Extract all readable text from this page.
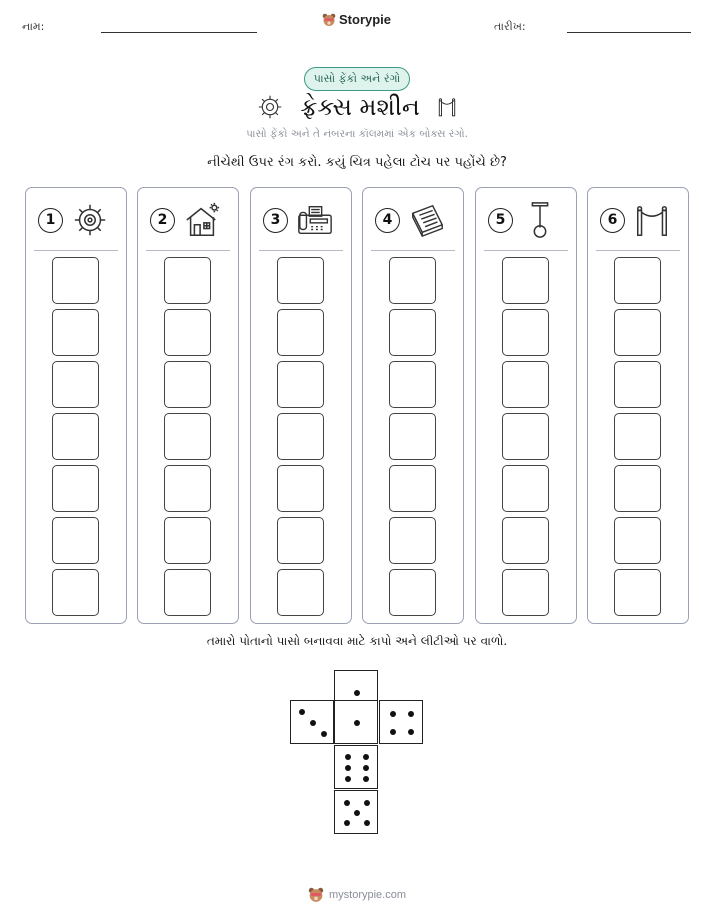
નામ:	Storypie	તારીખ:
પાસો ફેંકો અને રંગો
ફ્રેક્સ મશીન
પાસો ફેંકો અને તે નંબરના કૉલમમાં એક બોક્સ રંગો.
નીચેથી ઉપર રંગ કરો. કયું ચિત્ર પહેલા ટોચ પર પહોંચે છે?
1	2	3	4	5	6
તમારો પોતાનો પાસો બનાવવા માટે કાપો અને લીટીઓ પર વાળો.
mystorypie.com
